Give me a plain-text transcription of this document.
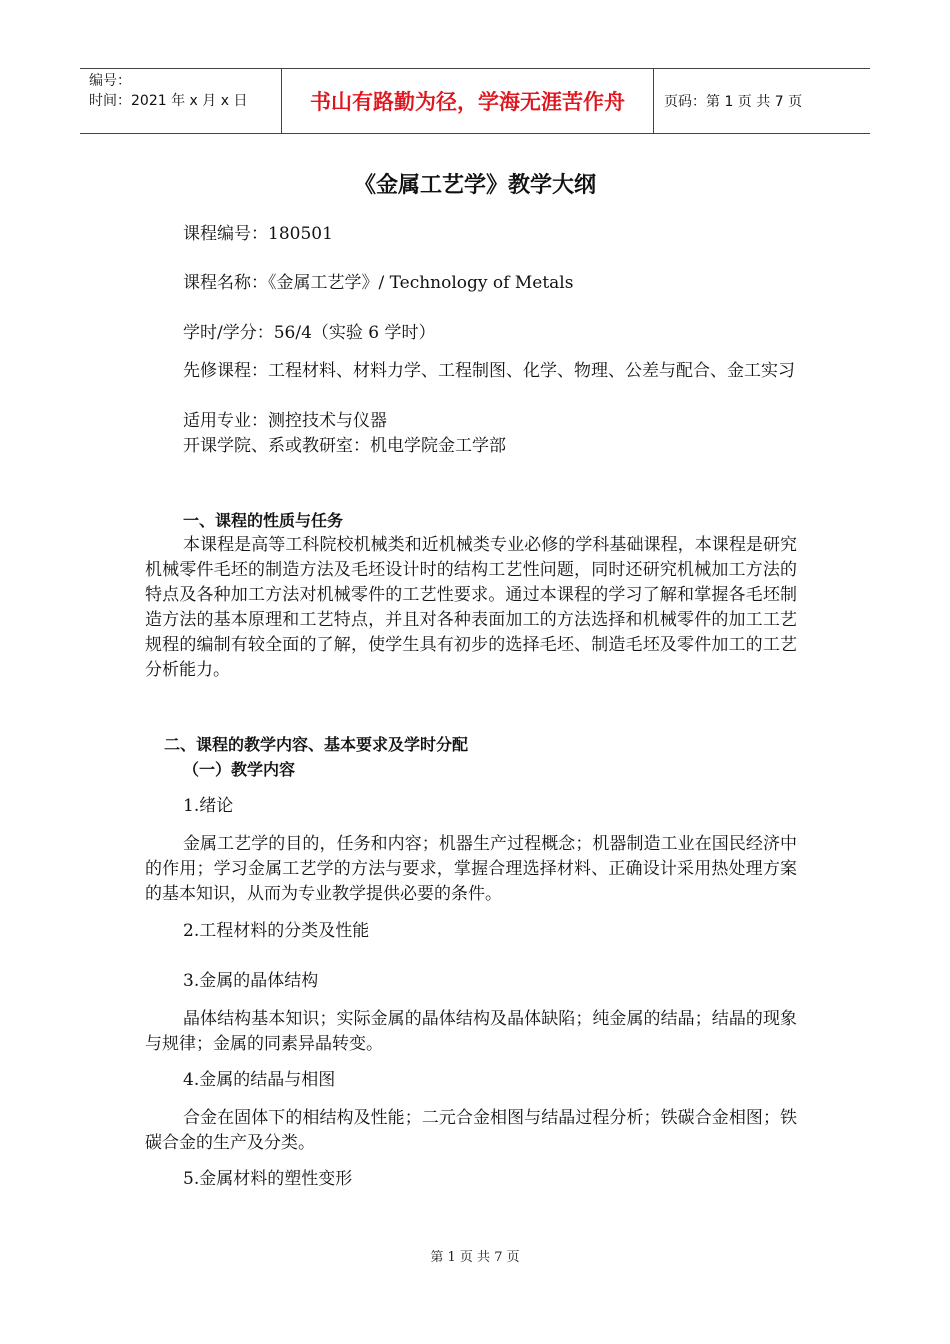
编号：
时间：2021 年 x 月 x 日	书山有路勤为径，学海无涯苦作舟	页码：第 1 页 共 7 页
《金属工艺学》教学大纲
课程编号：180501
课程名称：《金属工艺学》/ Technology of Metals
学时/学分：56/4（实验 6 学时）
先修课程：工程材料、材料力学、工程制图、化学、物理、公差与配合、金工实习
适用专业：测控技术与仪器
开课学院、系或教研室：机电学院金工学部
一、课程的性质与任务
本课程是高等工科院校机械类和近机械类专业必修的学科基础课程，本课程是研究机械零件毛坯的制造方法及毛坯设计时的结构工艺性问题，同时还研究机械加工方法的特点及各种加工方法对机械零件的工艺性要求。通过本课程的学习了解和掌握各毛坯制造方法的基本原理和工艺特点，并且对各种表面加工的方法选择和机械零件的加工工艺规程的编制有较全面的了解，使学生具有初步的选择毛坯、制造毛坯及零件加工的工艺分析能力。
二、课程的教学内容、基本要求及学时分配
（一）教学内容
1.绪论
金属工艺学的目的，任务和内容；机器生产过程概念；机器制造工业在国民经济中的作用；学习金属工艺学的方法与要求，掌握合理选择材料、正确设计采用热处理方案的基本知识，从而为专业教学提供必要的条件。
2.工程材料的分类及性能
3.金属的晶体结构
晶体结构基本知识；实际金属的晶体结构及晶体缺陷；纯金属的结晶；结晶的现象与规律；金属的同素异晶转变。
4.金属的结晶与相图
合金在固体下的相结构及性能；二元合金相图与结晶过程分析；铁碳合金相图；铁碳合金的生产及分类。
5.金属材料的塑性变形
第 1 页 共 7 页
